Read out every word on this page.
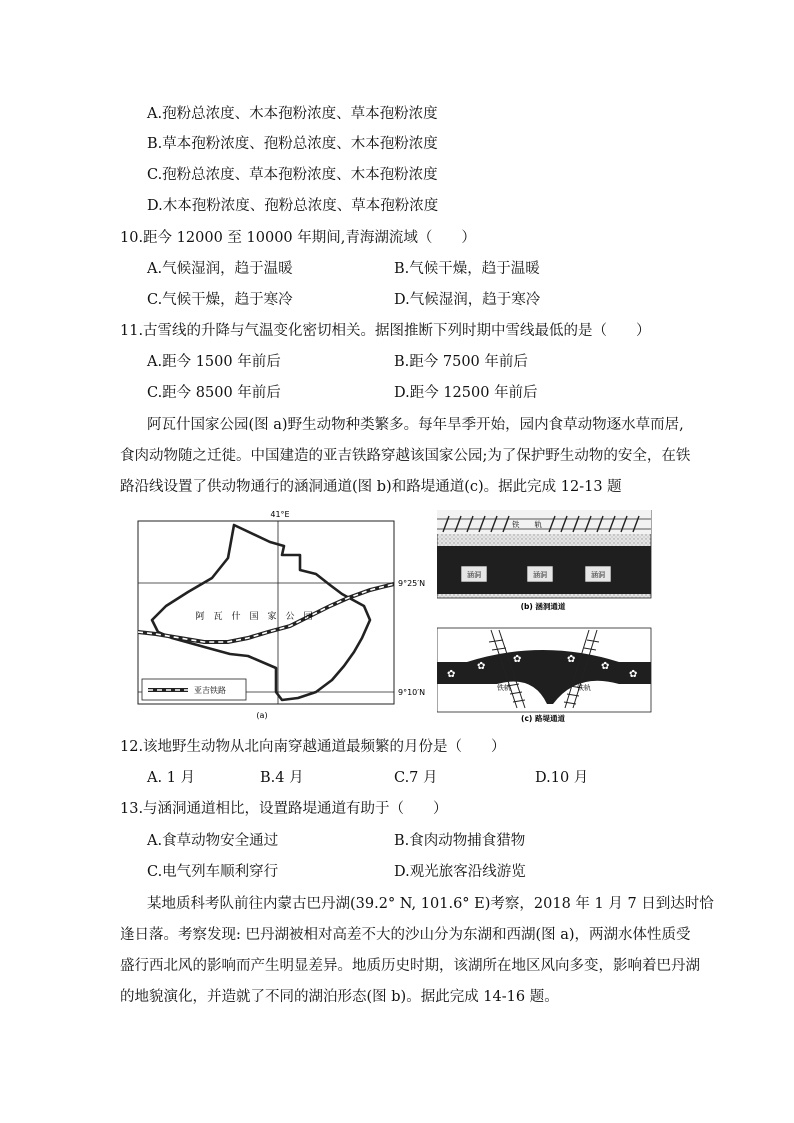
A.孢粉总浓度、木本孢粉浓度、草本孢粉浓度
B.草本孢粉浓度、孢粉总浓度、木本孢粉浓度
C.孢粉总浓度、草本孢粉浓度、木本孢粉浓度
D.木本孢粉浓度、孢粉总浓度、草本孢粉浓度
10.距今 12000 至 10000 年期间,青海湖流域（　　）
A.气候湿润，趋于温暖	B.气候干燥，趋于温暖
C.气候干燥，趋于寒冷	D.气候湿润，趋于寒冷
11.古雪线的升降与气温变化密切相关。据图推断下列时期中雪线最低的是（　　）
A.距今 1500 年前后	B.距今 7500 年前后
C.距今 8500 年前后	D.距今 12500 年前后
阿瓦什国家公园(图 a)野生动物种类繁多。每年旱季开始，园内食草动物逐水草而居,
食肉动物随之迁徙。中国建造的亚吉铁路穿越该国家公园;为了保护野生动物的安全，在铁
路沿线设置了供动物通行的涵洞通道(图 b)和路堤通道(c)。据此完成 12-13 题
41°E
阿　瓦　什　国　家　公　园
9°25′N
9°10′N
亚吉铁路
(a)
铁　　轨
涵洞	涵洞	涵洞
(b) 涵洞通道
✿
✿
✿	✿
✿
✿
铁轨	铁轨
(c) 路堤通道
12.该地野生动物从北向南穿越通道最频繁的月份是（　　）
A. 1 月	B.4 月	C.7 月	D.10 月
13.与涵洞通道相比，设置路堤通道有助于（　　）
A.食草动物安全通过	B.食肉动物捕食猎物
C.电气列车顺利穿行	D.观光旅客沿线游览
某地质科考队前往内蒙古巴丹湖(39.2° N, 101.6° E)考察，2018 年 1 月 7 日到达时恰
逢日落。考察发现: 巴丹湖被相对高差不大的沙山分为东湖和西湖(图 a)，两湖水体性质受
盛行西北风的影响而产生明显差异。地质历史时期，该湖所在地区风向多变，影响着巴丹湖
的地貌演化，并造就了不同的湖泊形态(图 b)。据此完成 14-16 题。
